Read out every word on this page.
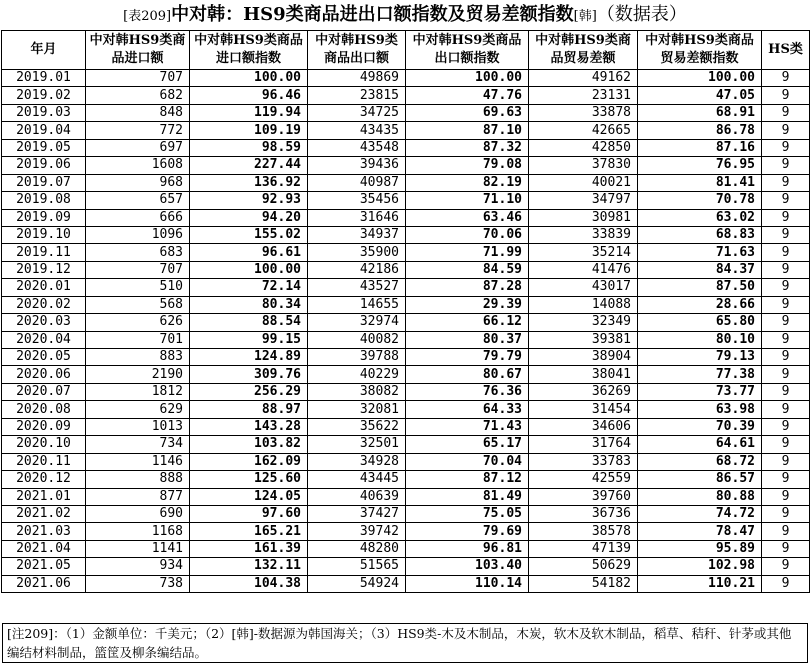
[表209]中对韩：HS9类商品进出口额指数及贸易差额指数[韩]（数据表）
年月	中对韩HS9类商品进口额	中对韩HS9类商品进口额指数	中对韩HS9类商品出口额	中对韩HS9类商品出口额指数	中对韩HS9类商品贸易差额	中对韩HS9类商品贸易差额指数	HS类
2019.01	707	100.00	49869	100.00	49162	100.00	9
2019.02	682	96.46	23815	47.76	23131	47.05	9
2019.03	848	119.94	34725	69.63	33878	68.91	9
2019.04	772	109.19	43435	87.10	42665	86.78	9
2019.05	697	98.59	43548	87.32	42850	87.16	9
2019.06	1608	227.44	39436	79.08	37830	76.95	9
2019.07	968	136.92	40987	82.19	40021	81.41	9
2019.08	657	92.93	35456	71.10	34797	70.78	9
2019.09	666	94.20	31646	63.46	30981	63.02	9
2019.10	1096	155.02	34937	70.06	33839	68.83	9
2019.11	683	96.61	35900	71.99	35214	71.63	9
2019.12	707	100.00	42186	84.59	41476	84.37	9
2020.01	510	72.14	43527	87.28	43017	87.50	9
2020.02	568	80.34	14655	29.39	14088	28.66	9
2020.03	626	88.54	32974	66.12	32349	65.80	9
2020.04	701	99.15	40082	80.37	39381	80.10	9
2020.05	883	124.89	39788	79.79	38904	79.13	9
2020.06	2190	309.76	40229	80.67	38041	77.38	9
2020.07	1812	256.29	38082	76.36	36269	73.77	9
2020.08	629	88.97	32081	64.33	31454	63.98	9
2020.09	1013	143.28	35622	71.43	34606	70.39	9
2020.10	734	103.82	32501	65.17	31764	64.61	9
2020.11	1146	162.09	34928	70.04	33783	68.72	9
2020.12	888	125.60	43445	87.12	42559	86.57	9
2021.01	877	124.05	40639	81.49	39760	80.88	9
2021.02	690	97.60	37427	75.05	36736	74.72	9
2021.03	1168	165.21	39742	79.69	38578	78.47	9
2021.04	1141	161.39	48280	96.81	47139	95.89	9
2021.05	934	132.11	51565	103.40	50629	102.98	9
2021.06	738	104.38	54924	110.14	54182	110.21	9
[注209]：（1）金额单位：千美元；（2）[韩]-数据源为韩国海关；（3）HS9类-木及木制品，木炭，软木及软木制品，稻草、秸秆、针茅或其他编结材料制品，篮筐及柳条编结品。
